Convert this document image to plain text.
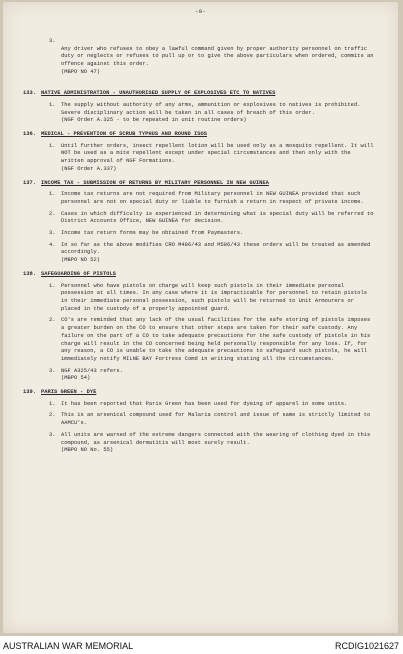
-9-
3.

Any driver who refuses to obey a lawful command given by proper authority personnel on traffic duty or neglects or refuses to pull up or to give the above particulars when ordered, commits an offence against this order.

(MBPO NO 47)

133. NATIVE ADMINISTRATION - UNAUTHORISED SUPPLY OF EXPLOSIVES ETC TO NATIVES
1.	The supply without authority of any arms, ammunition or explosives to natives is prohibited. Severe disciplinary action will be taken in all cases of breach of this order.
(NGF Order A.325 - to be repeated in unit routine orders)
136. MEDICAL - PREVENTION OF SCRUB TYPHUS AND ROUND ISOS
1.	Until further orders, insect repellent lotion will be used only as a mosquito repellent. It will NOT be used as a mite repellent except under special circumstances and then only with the written approval of NGF Formations.
(NGF Order A.337)
137. INCOME TAX - SUBMISSION OF RETURNS BY MILITARY PERSONNEL IN NEW GUINEA
1.	Income tax returns are not required from Military personnel in NEW GUINEA provided that such personnel are not on special duty or liable to furnish a return in respect of private income.
2.	Cases in which difficulty is experienced in determining what is special duty will be referred to District Accounts Office, NEW GUINEA for decision.
3.	Income tax return forms may be obtained from Paymasters.
4.	In so far as the above modifies CRO M486/43 and M586/43 these orders will be treated as amended accordingly.
(MBPO NO 52)
138. SAFEGUARDING OF PISTOLS
1.	Personnel who have pistols on charge will keep such pistols in their immediate personal possession at all times. In any case where it is impracticable for personnel to retain pistols in their immediate personal possession, such pistols will be returned to Unit Armourers or placed in the custody of a properly appointed guard.
2.	CO's are reminded that any lack of the usual facilities for the safe storing of pistols imposes a greater burden on the CO to ensure that other steps are taken for their safe custody. Any failure on the part of a CO to take adequate precautions for the safe custody of pistols in his charge will result in the CO concerned being held personally responsible for any loss. If, for any reason, a CO is unable to take the adequate precautions to safeguard such pistols, he will immediately notify MILNE BAY Fortress Comd in writing stating all the circumstances.
3.	NGF A325/43 refers.
(MBPO 54)
139. PARIS GREEN - DYE
1.	It has been reported that Paris Green has been used for dyeing of apparel in some units.
2.	This is an arsenical compound used for Malaria control and issue of same is strictly limited to AAMCU's.
3.	All units are warned of the extreme dangers connected with the wearing of clothing dyed in this compound, as arsenical dermatitis will most surely result.
(MBPO NO No. 55)
AUSTRALIAN WAR MEMORIAL	RCDIG1021627
